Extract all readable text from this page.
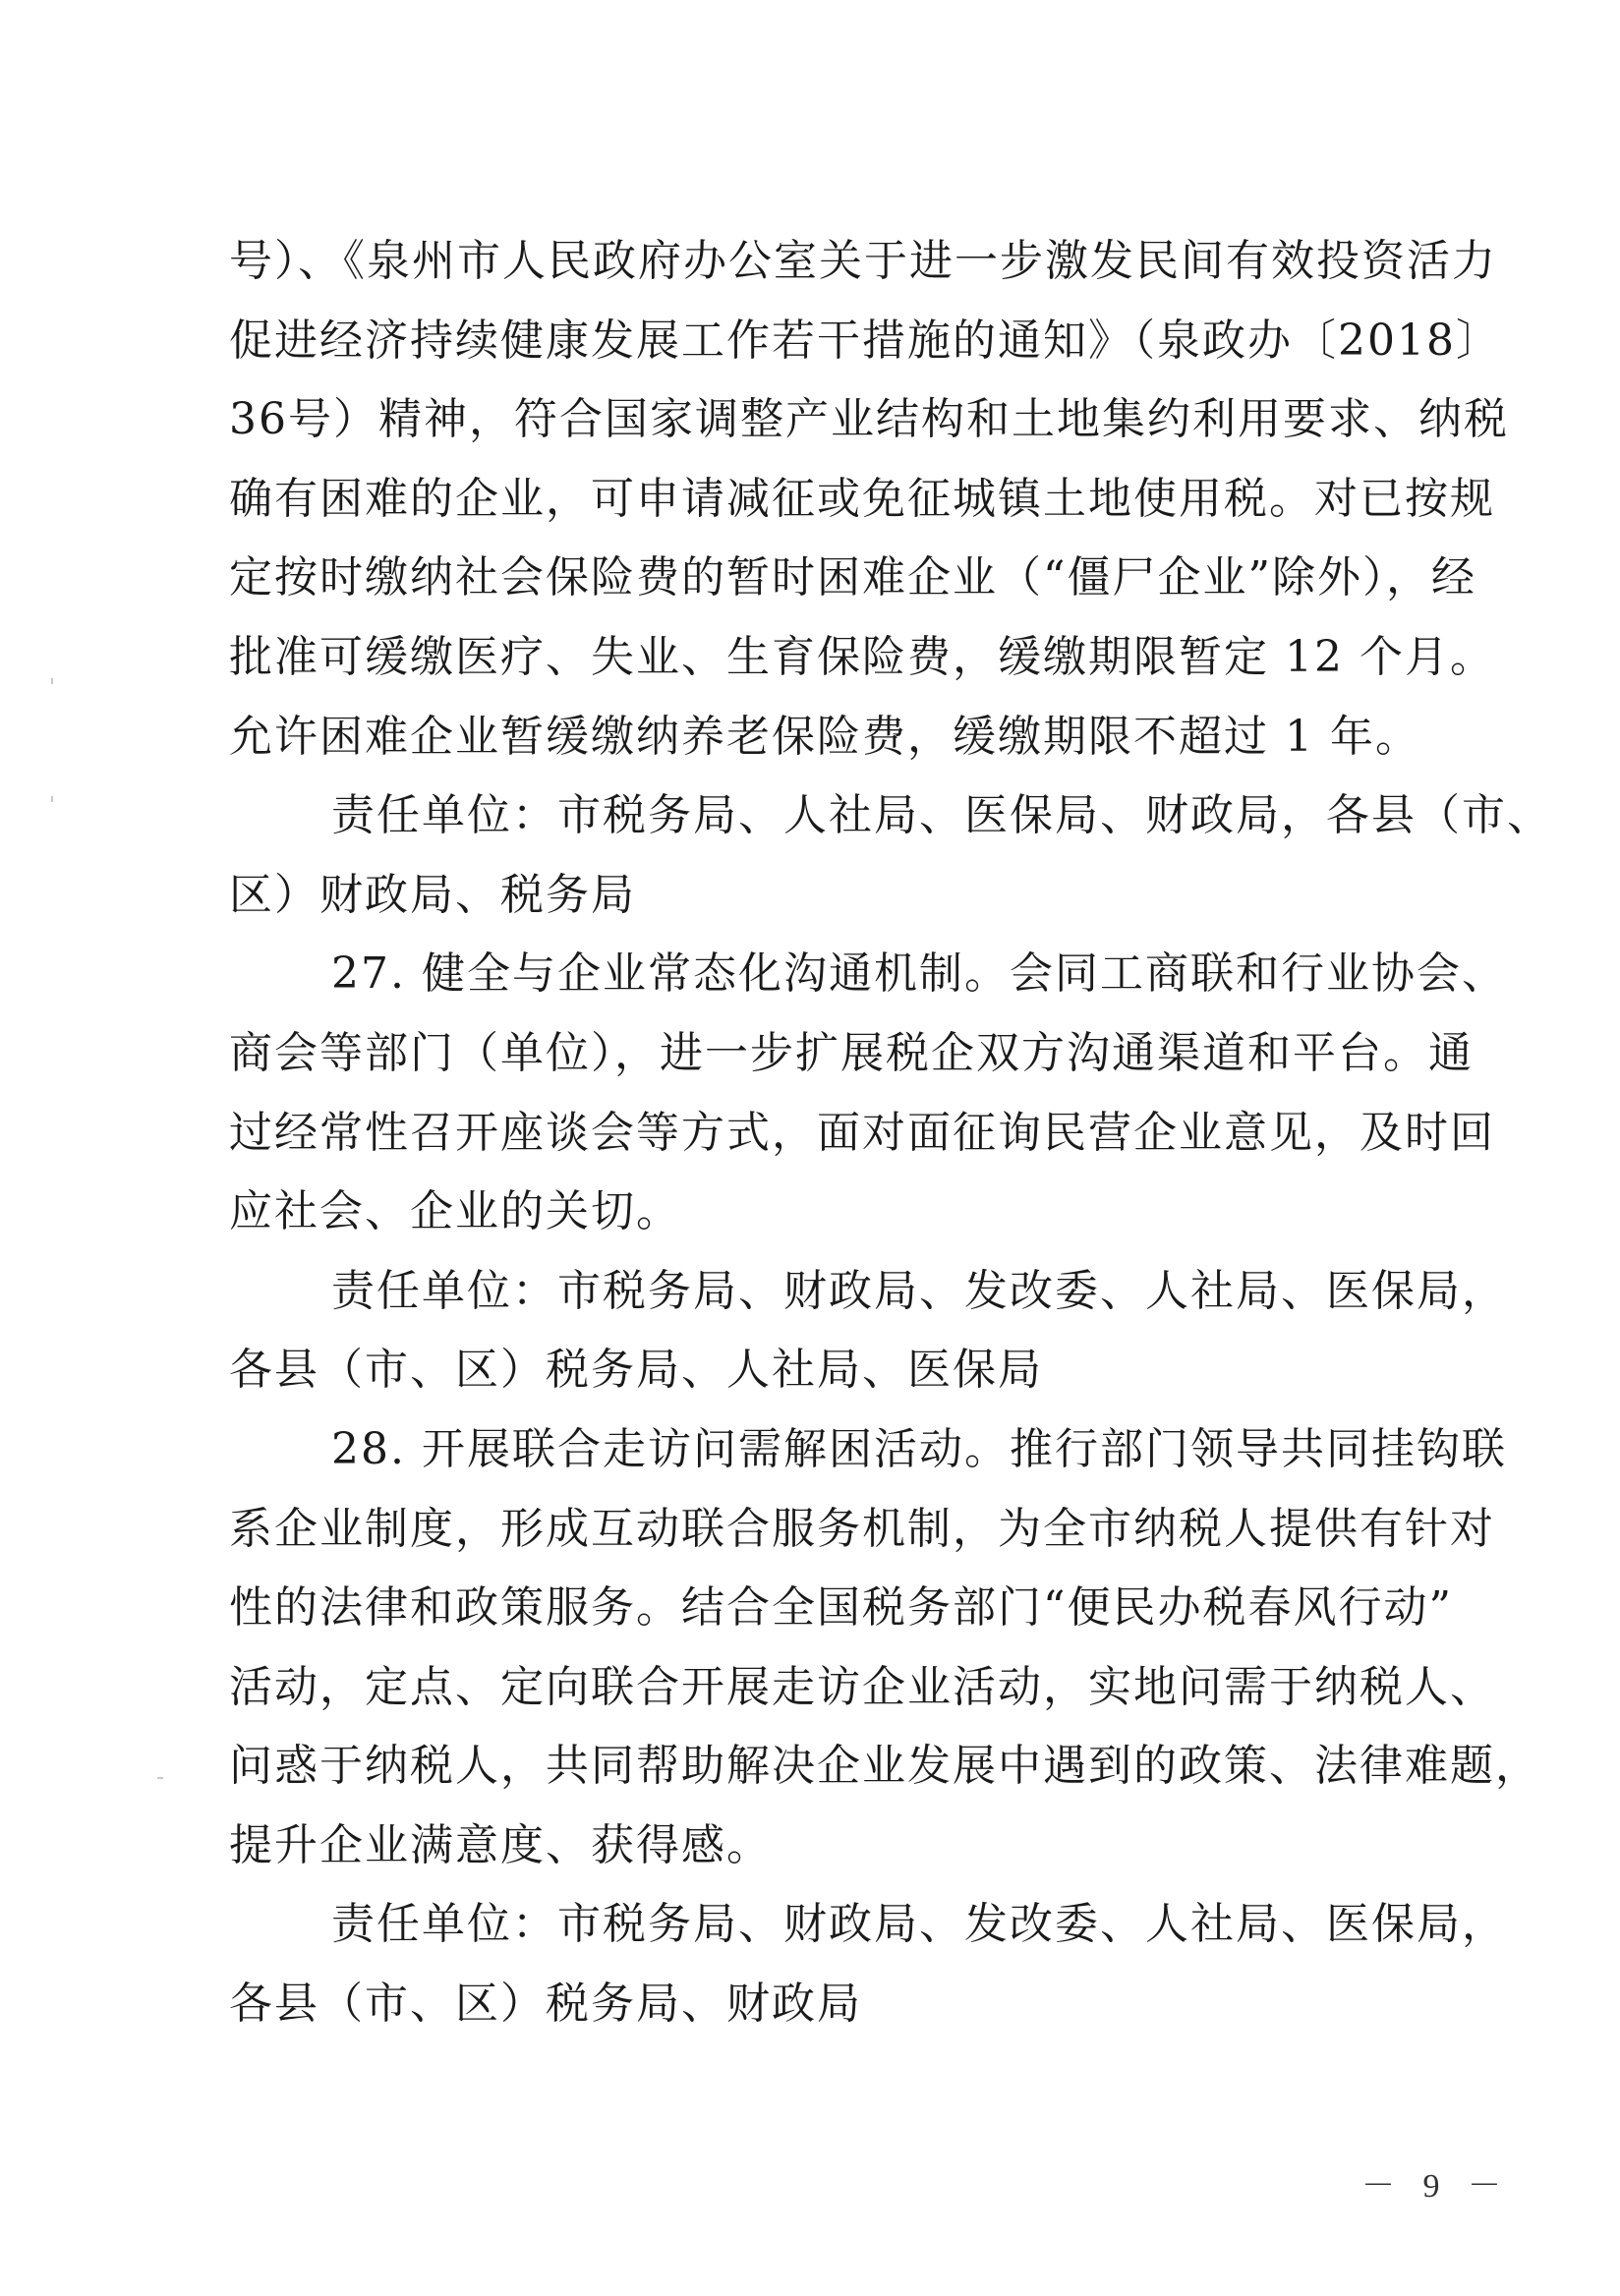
号）、《泉州市人民政府办公室关于进一步激发民间有效投资活力
促进经济持续健康发展工作若干措施的通知》（泉政办〔2018〕
36号）精神，符合国家调整产业结构和土地集约利用要求、纳税
确有困难的企业，可申请减征或免征城镇土地使用税。对已按规
定按时缴纳社会保险费的暂时困难企业（“僵尸企业”除外），经
批准可缓缴医疗、失业、生育保险费，缓缴期限暂定 12 个月。
允许困难企业暂缓缴纳养老保险费，缓缴期限不超过 1 年。
责任单位：市税务局、人社局、医保局、财政局，各县（市、
区）财政局、税务局
27. 健全与企业常态化沟通机制。会同工商联和行业协会、
商会等部门（单位），进一步扩展税企双方沟通渠道和平台。通
过经常性召开座谈会等方式，面对面征询民营企业意见，及时回
应社会、企业的关切。
责任单位：市税务局、财政局、发改委、人社局、医保局，
各县（市、区）税务局、人社局、医保局
28. 开展联合走访问需解困活动。推行部门领导共同挂钩联
系企业制度，形成互动联合服务机制，为全市纳税人提供有针对
性的法律和政策服务。结合全国税务部门“便民办税春风行动”
活动，定点、定向联合开展走访企业活动，实地问需于纳税人、
问惑于纳税人，共同帮助解决企业发展中遇到的政策、法律难题，
提升企业满意度、获得感。
责任单位：市税务局、财政局、发改委、人社局、医保局，
各县（市、区）税务局、财政局
－ 9 －
